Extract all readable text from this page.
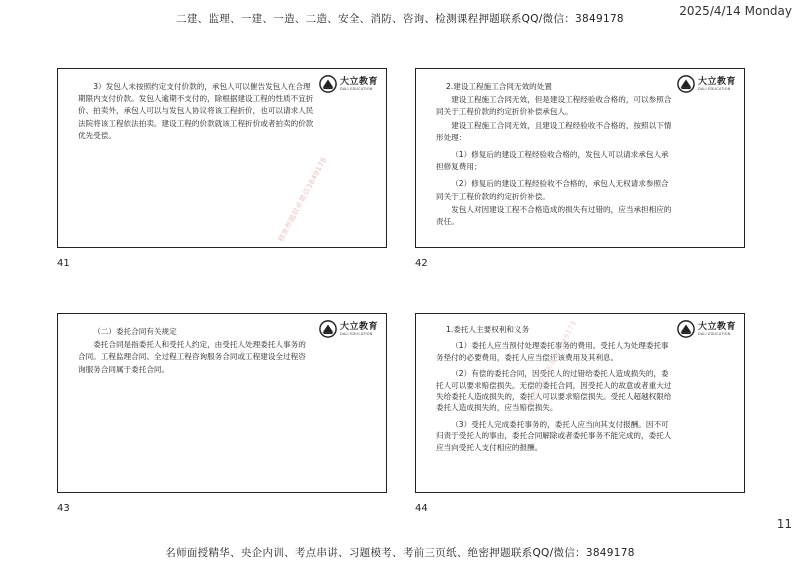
二建、监理、一建、一造、二造、安全、消防、咨询、检测课程押题联系QQ/微信：3849178
2025/4/14 Monday
大立教育
DALI EDUCATION

3）发包人未按照约定支付价款的，承包人可以催告发包人在合理期限内支付价款。发包人逾期不支付的，除根据建设工程的性质不宜折价、拍卖外，承包人可以与发包人协议将该工程折价，也可以请求人民法院将该工程依法拍卖。建设工程的价款就该工程折价或者拍卖的价款优先受偿。

精准押题联系微信3849178
41
大立教育
DALI EDUCATION

2.建设工程施工合同无效的处置

建设工程施工合同无效，但是建设工程经验收合格的，可以参照合同关于工程价款的约定折价补偿承包人。

建设工程施工合同无效，且建设工程经验收不合格的，按照以下情形处理：

（1）修复后的建设工程经验收合格的，发包人可以请求承包人承担修复费用；

（2）修复后的建设工程经验收不合格的，承包人无权请求参照合同关于工程价款的约定折价补偿。

发包人对因建设工程不合格造成的损失有过错的，应当承担相应的责任。

42
大立教育
DALI EDUCATION

（二）委托合同有关规定

委托合同是指委托人和受托人约定，由受托人处理委托人事务的合同。工程监理合同、全过程工程咨询服务合同或工程建设全过程咨询服务合同属于委托合同。

43
大立教育
DALI EDUCATION

1.委托人主要权利和义务

（1）委托人应当预付处理委托事务的费用。受托人为处理委托事务垫付的必要费用，委托人应当偿还该费用及其利息。

（2）有偿的委托合同，因受托人的过错给委托人造成损失的，委托人可以要求赔偿损失。无偿的委托合同，因受托人的故意或者重大过失给委托人造成损失的，委托人可以要求赔偿损失。受托人超越权限给委托人造成损失的，应当赔偿损失。

（3）受托人完成委托事务的，委托人应当向其支付报酬。因不可归责于受托人的事由，委托合同解除或者委托事务不能完成的，委托人应当向受托人支付相应的报酬。

精准押题联系微信3849178
44
11
名师面授精华、央企内训、考点串讲、习题模考、考前三页纸、绝密押题联系QQ/微信：3849178
